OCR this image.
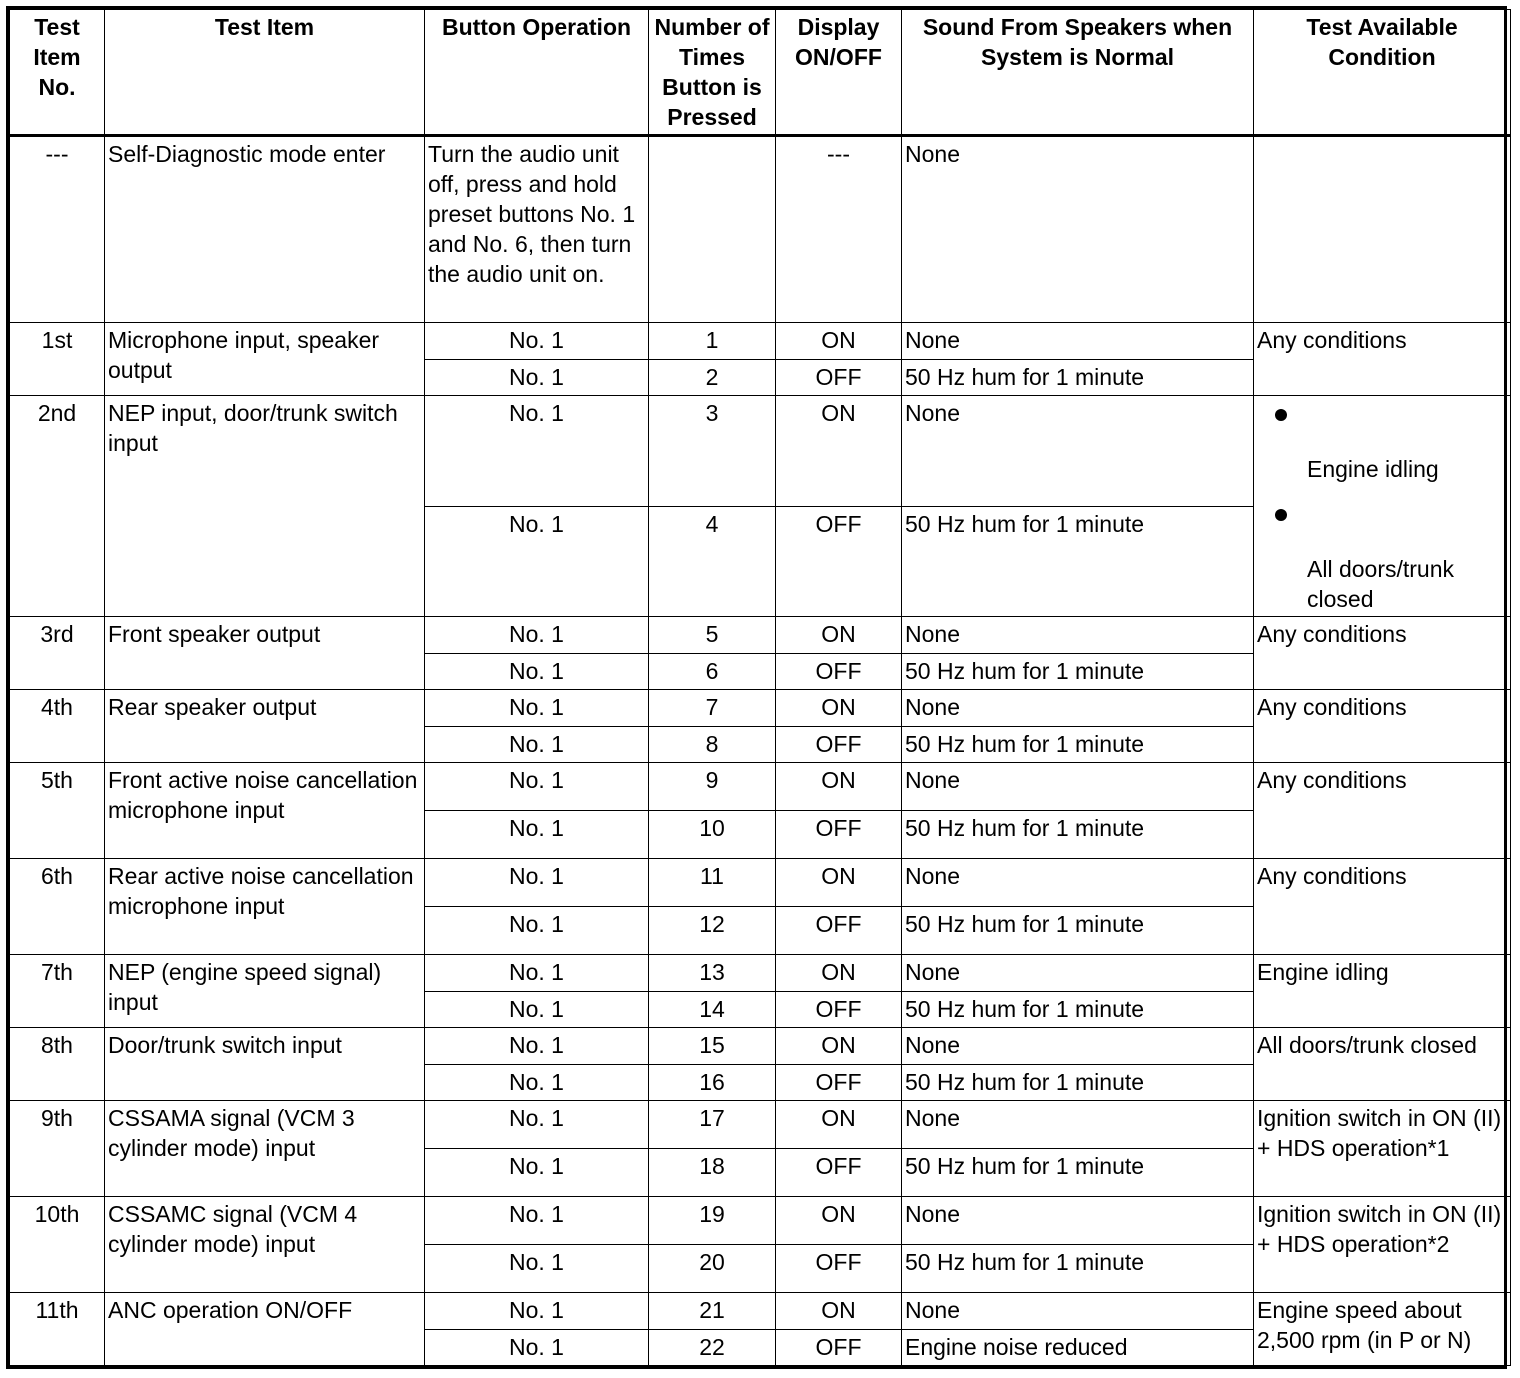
Test Item No.	Test Item	Button Operation	Number of Times Button is Pressed	Display ON/OFF	Sound From Speakers when System is Normal	Test Available Condition
---	Self-Diagnostic mode enter	Turn the audio unit off, press and hold preset buttons No. 1 and No. 6, then turn the audio unit on.		---	None	
1st	Microphone input, speaker output	No. 1	1	ON	None	Any conditions
		No. 1	2	OFF	50 Hz hum for 1 minute	
2nd	NEP input, door/trunk switch input	No. 1	3	ON	None	Engine idling
All doors/trunk closed

		No. 1	4	OFF	50 Hz hum for 1 minute	
3rd	Front speaker output	No. 1	5	ON	None	Any conditions
		No. 1	6	OFF	50 Hz hum for 1 minute	
4th	Rear speaker output	No. 1	7	ON	None	Any conditions
		No. 1	8	OFF	50 Hz hum for 1 minute	
5th	Front active noise cancellation microphone input	No. 1	9	ON	None	Any conditions
		No. 1	10	OFF	50 Hz hum for 1 minute	
6th	Rear active noise cancellation microphone input	No. 1	11	ON	None	Any conditions
		No. 1	12	OFF	50 Hz hum for 1 minute	
7th	NEP (engine speed signal) input	No. 1	13	ON	None	Engine idling
		No. 1	14	OFF	50 Hz hum for 1 minute	
8th	Door/trunk switch input	No. 1	15	ON	None	All doors/trunk closed
		No. 1	16	OFF	50 Hz hum for 1 minute	
9th	CSSAMA signal (VCM 3 cylinder mode) input	No. 1	17	ON	None	Ignition switch in ON (II) + HDS operation*1
		No. 1	18	OFF	50 Hz hum for 1 minute	
10th	CSSAMC signal (VCM 4 cylinder mode) input	No. 1	19	ON	None	Ignition switch in ON (II) + HDS operation*2
		No. 1	20	OFF	50 Hz hum for 1 minute	
11th	ANC operation ON/OFF	No. 1	21	ON	None	Engine speed about 2,500 rpm (in P or N)
		No. 1	22	OFF	Engine noise reduced	
